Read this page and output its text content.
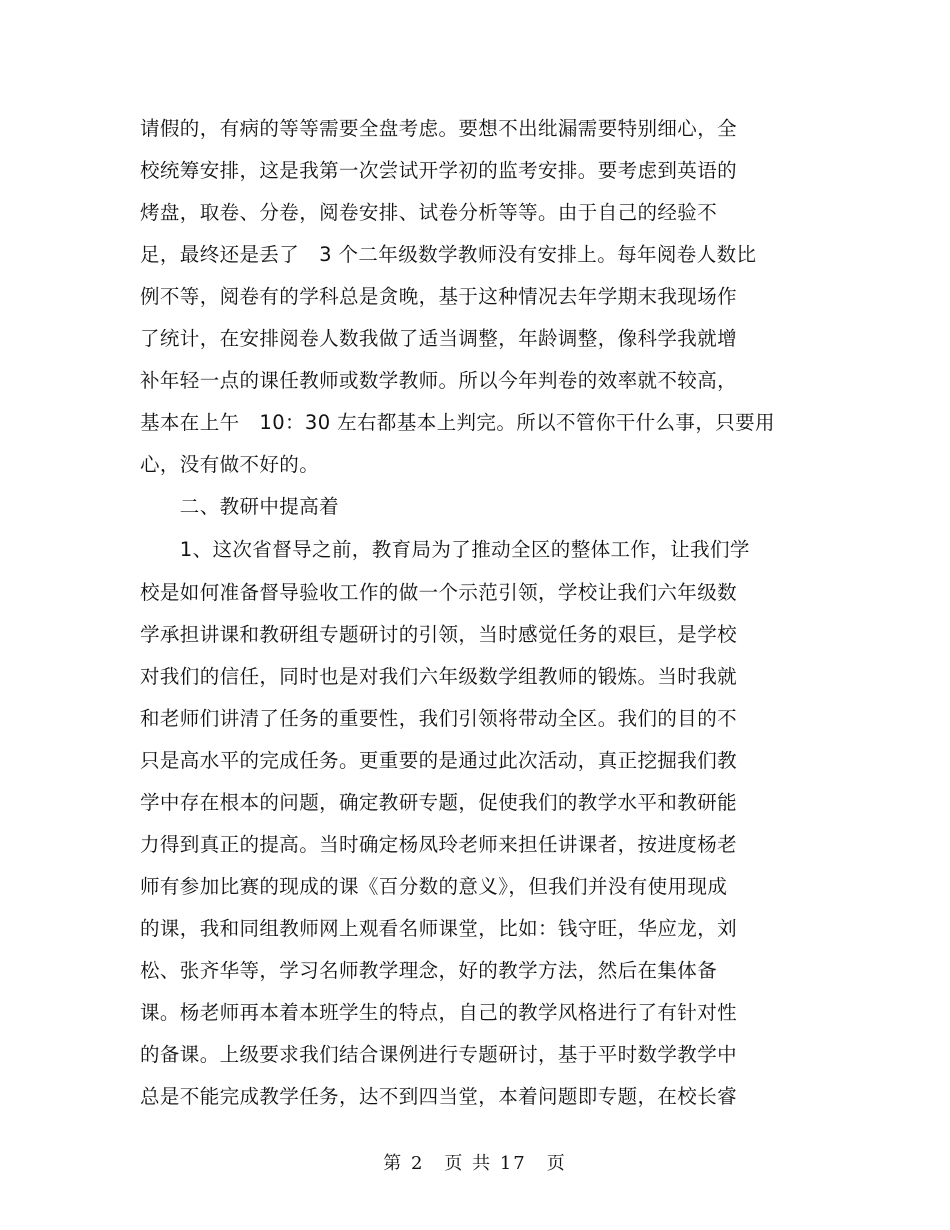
请假的，有病的等等需要全盘考虑。要想不出纰漏需要特别细心，全
校统筹安排，这是我第一次尝试开学初的监考安排。要考虑到英语的
烤盘，取卷、分卷，阅卷安排、试卷分析等等。由于自己的经验不
足，最终还是丢了　3 个二年级数学教师没有安排上。每年阅卷人数比
例不等，阅卷有的学科总是贪晚，基于这种情况去年学期末我现场作
了统计，在安排阅卷人数我做了适当调整，年龄调整，像科学我就增
补年轻一点的课任教师或数学教师。所以今年判卷的效率就不较高，
基本在上午　10：30 左右都基本上判完。所以不管你干什么事，只要用
心，没有做不好的。
　　二、教研中提高着
　　1、这次省督导之前，教育局为了推动全区的整体工作，让我们学
校是如何准备督导验收工作的做一个示范引领，学校让我们六年级数
学承担讲课和教研组专题研讨的引领，当时感觉任务的艰巨，是学校
对我们的信任，同时也是对我们六年级数学组教师的锻炼。当时我就
和老师们讲清了任务的重要性，我们引领将带动全区。我们的目的不
只是高水平的完成任务。更重要的是通过此次活动，真正挖掘我们教
学中存在根本的问题，确定教研专题，促使我们的教学水平和教研能
力得到真正的提高。当时确定杨凤玲老师来担任讲课者，按进度杨老
师有参加比赛的现成的课《百分数的意义》，但我们并没有使用现成
的课，我和同组教师网上观看名师课堂，比如：钱守旺，华应龙，刘
松、张齐华等，学习名师教学理念，好的教学方法，然后在集体备
课。杨老师再本着本班学生的特点，自己的教学风格进行了有针对性
的备课。上级要求我们结合课例进行专题研讨，基于平时数学教学中
总是不能完成教学任务，达不到四当堂，本着问题即专题，在校长睿
第 2　页 共 17　页
